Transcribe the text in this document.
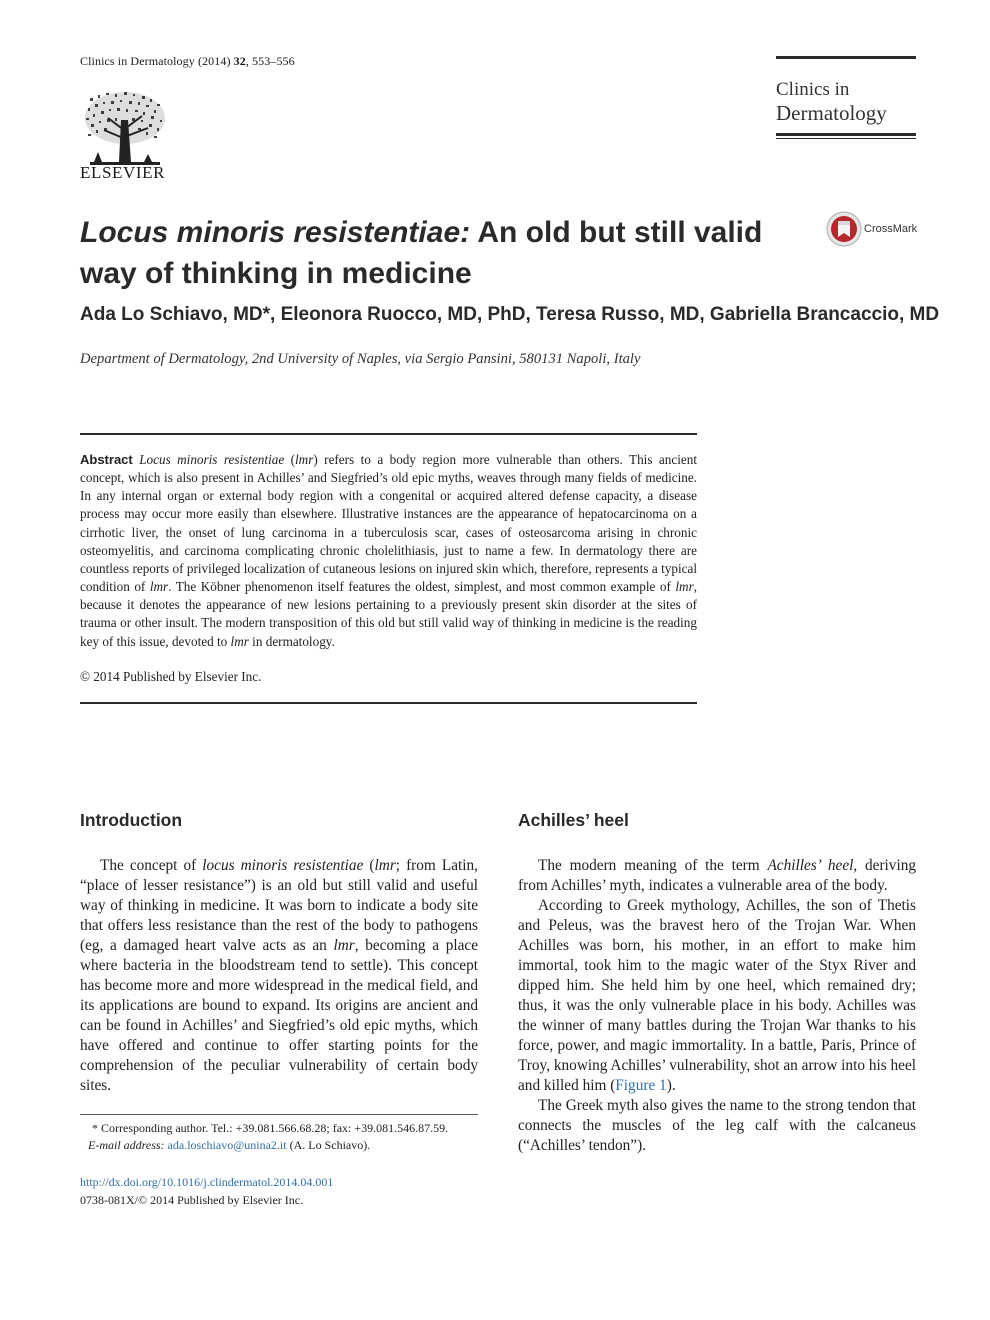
Clinics in Dermatology (2014) 32, 553–556
ELSEVIER
Clinics in
Dermatology
CrossMark
Locus minoris resistentiae: An old but still valid way of thinking in medicine
Ada Lo Schiavo, MD*, Eleonora Ruocco, MD, PhD, Teresa Russo, MD, Gabriella Brancaccio, MD
Department of Dermatology, 2nd University of Naples, via Sergio Pansini, 580131 Napoli, Italy
Abstract Locus minoris resistentiae (lmr) refers to a body region more vulnerable than others. This ancient concept, which is also present in Achilles’ and Siegfried’s old epic myths, weaves through many fields of medicine. In any internal organ or external body region with a congenital or acquired altered defense capacity, a disease process may occur more easily than elsewhere. Illustrative instances are the appearance of hepatocarcinoma on a cirrhotic liver, the onset of lung carcinoma in a tuberculosis scar, cases of osteosarcoma arising in chronic osteomyelitis, and carcinoma complicating chronic cholelithiasis, just to name a few. In dermatology there are countless reports of privileged localization of cutaneous lesions on injured skin which, therefore, represents a typical condition of lmr. The Köbner phenomenon itself features the oldest, simplest, and most common example of lmr, because it denotes the appearance of new lesions pertaining to a previously present skin disorder at the sites of trauma or other insult. The modern transposition of this old but still valid way of thinking in medicine is the reading key of this issue, devoted to lmr in dermatology.
© 2014 Published by Elsevier Inc.
Introduction	Achilles’ heel

The concept of locus minoris resistentiae (lmr; from Latin, “place of lesser resistance”) is an old but still valid and useful way of thinking in medicine. It was born to indicate a body site that offers less resistance than the rest of the body to pathogens (eg, a damaged heart valve acts as an lmr, becoming a place where bacteria in the bloodstream tend to settle). This concept has become more and more widespread in the medical field, and its applications are bound to expand. Its origins are ancient and can be found in Achilles’ and Siegfried’s old epic myths, which have offered and continue to offer starting points for the comprehension of the peculiar vulnerability of certain body sites.

The modern meaning of the term Achilles’ heel, deriving from Achilles’ myth, indicates a vulnerable area of the body.

According to Greek mythology, Achilles, the son of Thetis and Peleus, was the bravest hero of the Trojan War. When Achilles was born, his mother, in an effort to make him immortal, took him to the magic water of the Styx River and dipped him. She held him by one heel, which remained dry; thus, it was the only vulnerable place in his body. Achilles was the winner of many battles during the Trojan War thanks to his force, power, and magic immortality. In a battle, Paris, Prince of Troy, knowing Achilles’ vulnerability, shot an arrow into his heel and killed him (Figure 1).

The Greek myth also gives the name to the strong tendon that connects the muscles of the leg calf with the calcaneus (“Achilles’ tendon”).

* Corresponding author. Tel.: +39.081.566.68.28; fax: +39.081.546.87.59.
E-mail address: ada.loschiavo@unina2.it (A. Lo Schiavo).
http://dx.doi.org/10.1016/j.clindermatol.2014.04.001
0738-081X/© 2014 Published by Elsevier Inc.
